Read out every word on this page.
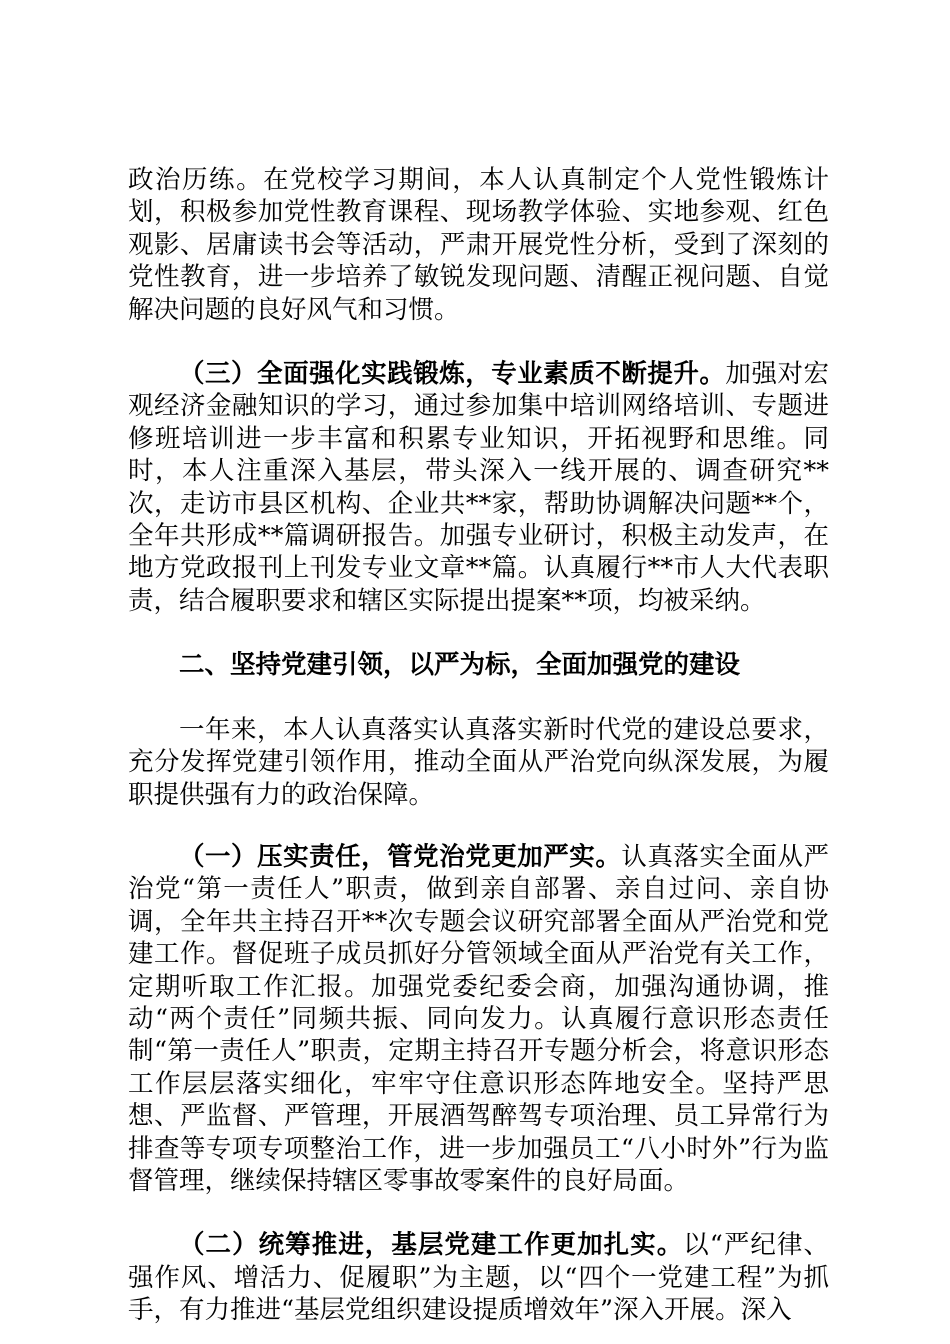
政治历练。在党校学习期间，本人认真制定个人党性锻炼计划，积极参加党性教育课程、现场教学体验、实地参观、红色观影、居庸读书会等活动，严肃开展党性分析，受到了深刻的党性教育，进一步培养了敏锐发现问题、清醒正视问题、自觉解决问题的良好风气和习惯。

（三）全面强化实践锻炼，专业素质不断提升。加强对宏观经济金融知识的学习，通过参加集中培训网络培训、专题进修班培训进一步丰富和积累专业知识，开拓视野和思维。同时，本人注重深入基层，带头深入一线开展的、调查研究**次，走访市县区机构、企业共**家，帮助协调解决问题**个，全年共形成**篇调研报告。加强专业研讨，积极主动发声，在地方党政报刊上刊发专业文章**篇。认真履行**市人大代表职责，结合履职要求和辖区实际提出提案**项，均被采纳。

二、坚持党建引领，以严为标，全面加强党的建设

一年来，本人认真落实认真落实新时代党的建设总要求，充分发挥党建引领作用，推动全面从严治党向纵深发展，为履职提供强有力的政治保障。

（一）压实责任，管党治党更加严实。认真落实全面从严治党“第一责任人”职责，做到亲自部署、亲自过问、亲自协调，全年共主持召开**次专题会议研究部署全面从严治党和党建工作。督促班子成员抓好分管领域全面从严治党有关工作，定期听取工作汇报。加强党委纪委会商，加强沟通协调，推动“两个责任”同频共振、同向发力。认真履行意识形态责任制“第一责任人”职责，定期主持召开专题分析会，将意识形态工作层层落实细化，牢牢守住意识形态阵地安全。坚持严思想、严监督、严管理，开展酒驾醉驾专项治理、员工异常行为排查等专项专项整治工作，进一步加强员工“八小时外”行为监督管理，继续保持辖区零事故零案件的良好局面。

（二）统筹推进，基层党建工作更加扎实。以“严纪律、强作风、增活力、促履职”为主题，以“四个一党建工程”为抓手，有力推进“基层党组织建设提质增效年”深入开展。深入
